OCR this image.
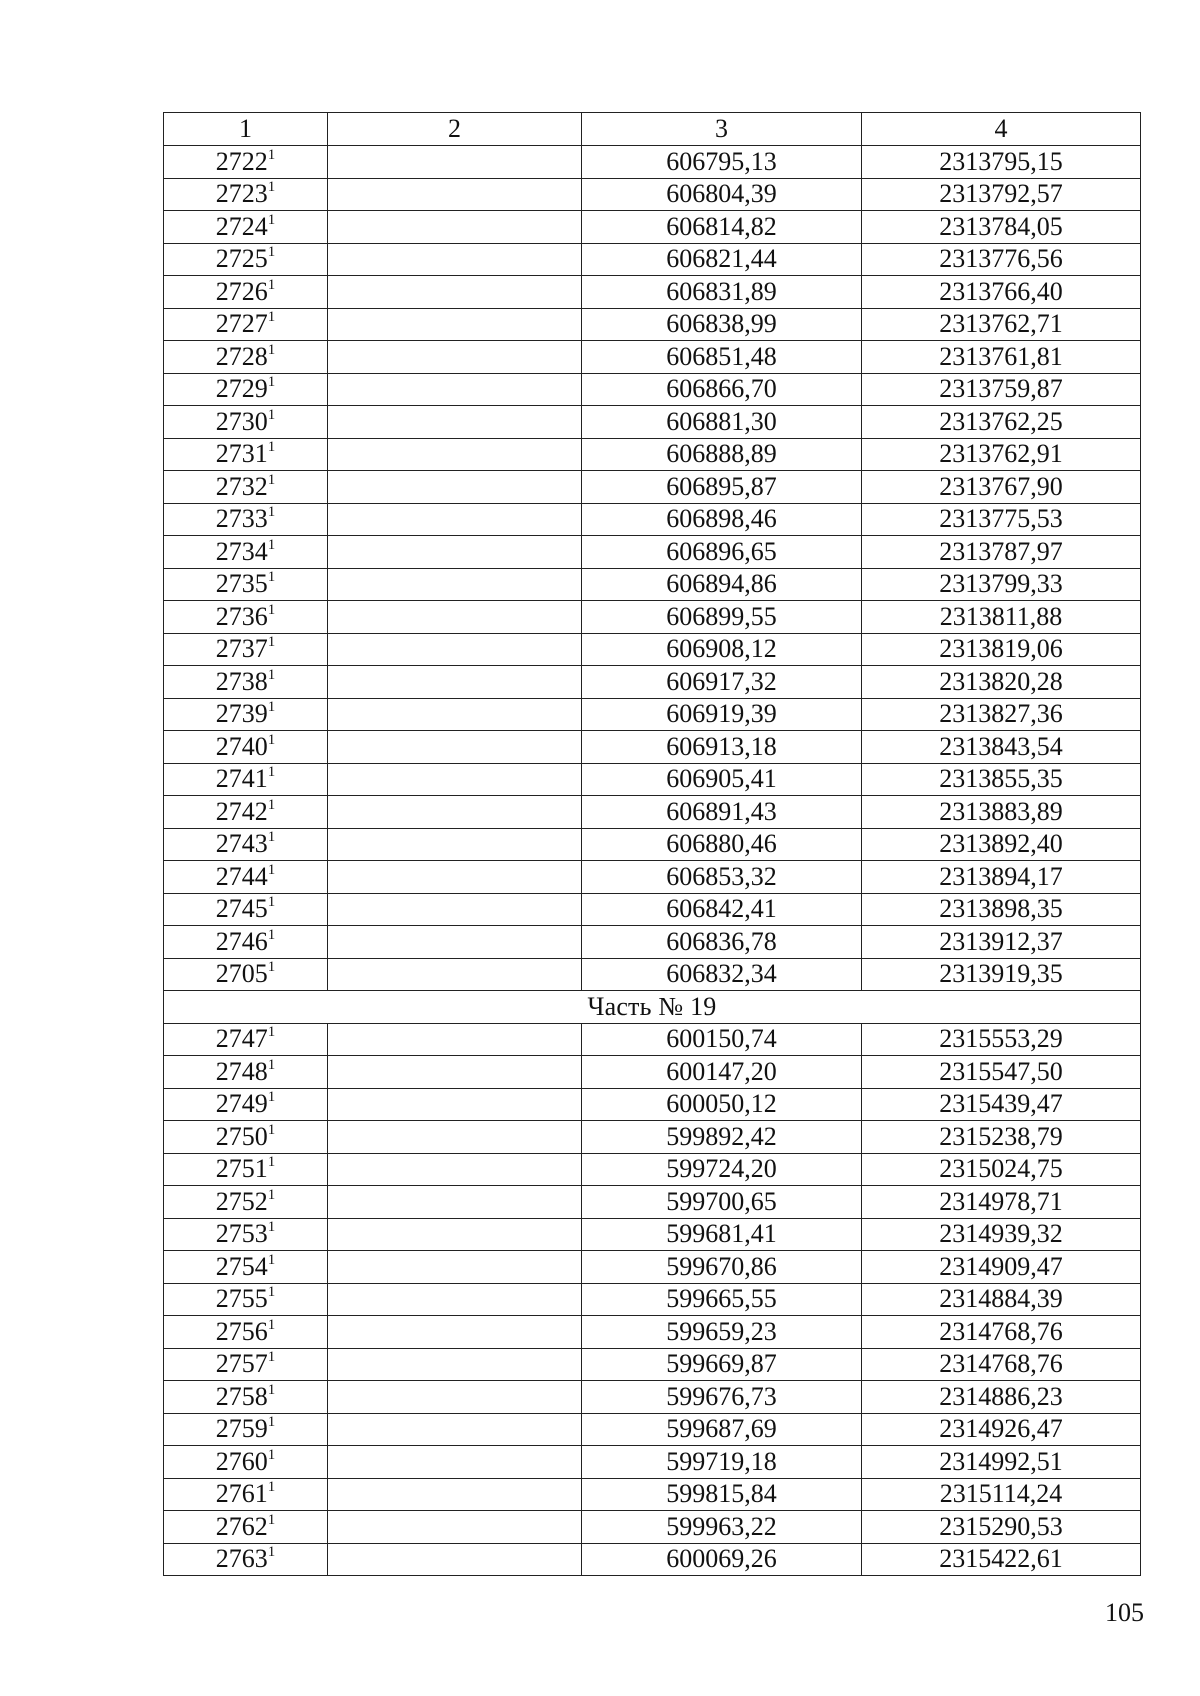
1	2	3	4
2722$^1$		606795,13	2313795,15
2723$^1$		606804,39	2313792,57
2724$^1$		606814,82	2313784,05
2725$^1$		606821,44	2313776,56
2726$^1$		606831,89	2313766,40
2727$^1$		606838,99	2313762,71
2728$^1$		606851,48	2313761,81
2729$^1$		606866,70	2313759,87
2730$^1$		606881,30	2313762,25
2731$^1$		606888,89	2313762,91
2732$^1$		606895,87	2313767,90
2733$^1$		606898,46	2313775,53
2734$^1$		606896,65	2313787,97
2735$^1$		606894,86	2313799,33
2736$^1$		606899,55	2313811,88
2737$^1$		606908,12	2313819,06
2738$^1$		606917,32	2313820,28
2739$^1$		606919,39	2313827,36
2740$^1$		606913,18	2313843,54
2741$^1$		606905,41	2313855,35
2742$^1$		606891,43	2313883,89
2743$^1$		606880,46	2313892,40
2744$^1$		606853,32	2313894,17
2745$^1$		606842,41	2313898,35
2746$^1$		606836,78	2313912,37
2705$^1$		606832,34	2313919,35
Часть № 19			
2747$^1$		600150,74	2315553,29
2748$^1$		600147,20	2315547,50
2749$^1$		600050,12	2315439,47
2750$^1$		599892,42	2315238,79
2751$^1$		599724,20	2315024,75
2752$^1$		599700,65	2314978,71
2753$^1$		599681,41	2314939,32
2754$^1$		599670,86	2314909,47
2755$^1$		599665,55	2314884,39
2756$^1$		599659,23	2314768,76
2757$^1$		599669,87	2314768,76
2758$^1$		599676,73	2314886,23
2759$^1$		599687,69	2314926,47
2760$^1$		599719,18	2314992,51
2761$^1$		599815,84	2315114,24
2762$^1$		599963,22	2315290,53
2763$^1$		600069,26	2315422,61
105
